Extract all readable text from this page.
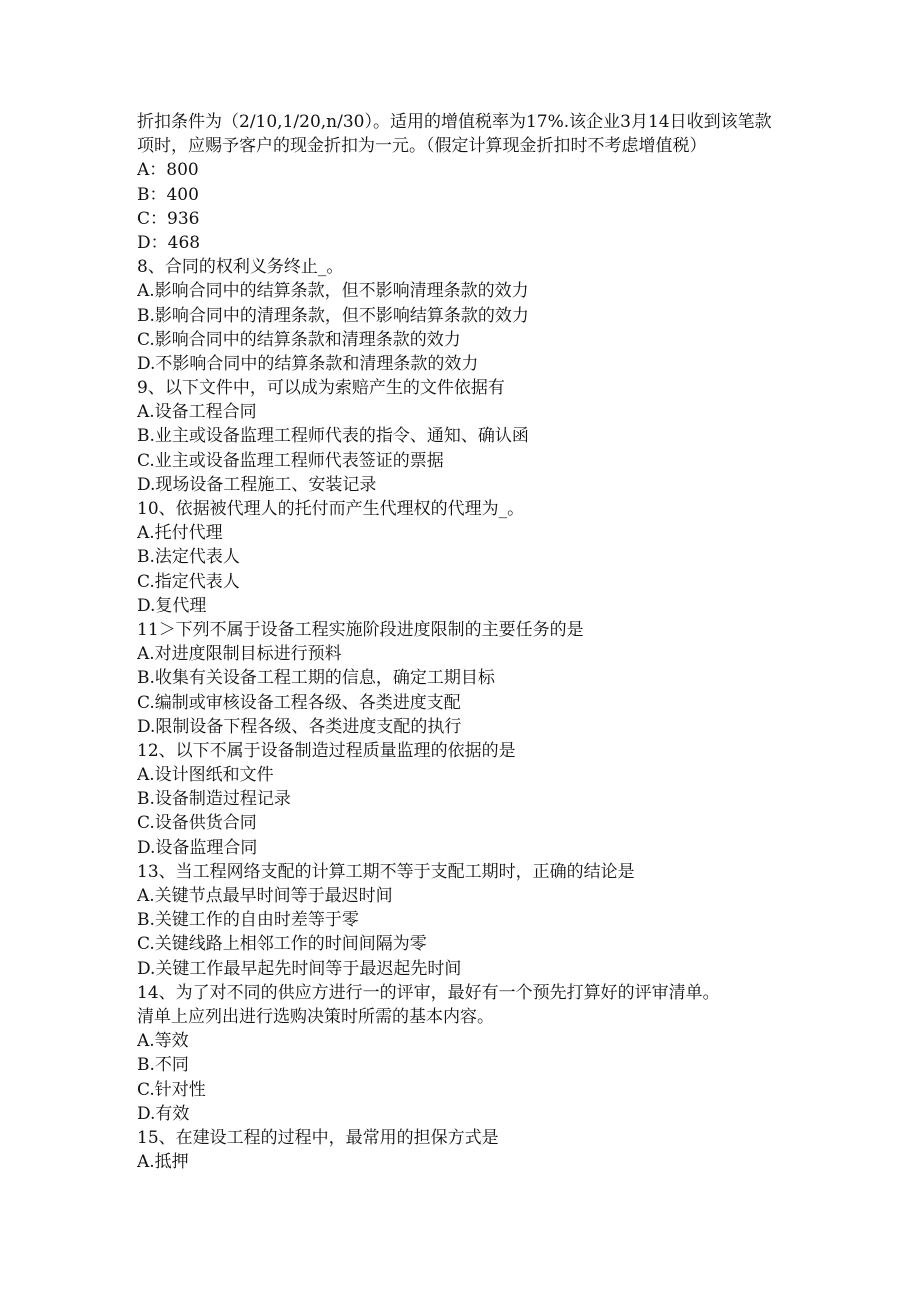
折扣条件为（2/10,1/20,n/30）。适用的增值税率为17%.该企业3月14日收到该笔款
项时，应赐予客户的现金折扣为一元。（假定计算现金折扣时不考虑增值税）
A：800
B：400
C：936
D：468
8、合同的权利义务终止_。
A.影响合同中的结算条款，但不影响清理条款的效力
B.影响合同中的清理条款，但不影响结算条款的效力
C.影响合同中的结算条款和清理条款的效力
D.不影响合同中的结算条款和清理条款的效力
9、以下文件中，可以成为索赔产生的文件依据有
A.设备工程合同
B.业主或设备监理工程师代表的指令、通知、确认函
C.业主或设备监理工程师代表签证的票据
D.现场设备工程施工、安装记录
10、依据被代理人的托付而产生代理权的代理为_。
A.托付代理
B.法定代表人
C.指定代表人
D.复代理
11＞下列不属于设备工程实施阶段进度限制的主要任务的是
A.对进度限制目标进行预料
B.收集有关设备工程工期的信息，确定工期目标
C.编制或审核设备工程各级、各类进度支配
D.限制设备下程各级、各类进度支配的执行
12、以下不属于设备制造过程质量监理的依据的是
A.设计图纸和文件
B.设备制造过程记录
C.设备供货合同
D.设备监理合同
13、当工程网络支配的计算工期不等于支配工期时，正确的结论是
A.关键节点最早时间等于最迟时间
B.关键工作的自由时差等于零
C.关键线路上相邻工作的时间间隔为零
D.关键工作最早起先时间等于最迟起先时间
14、为了对不同的供应方进行一的评审，最好有一个预先打算好的评审清单。
清单上应列出进行选购决策时所需的基本内容。
A.等效
B.不同
C.针对性
D.有效
15、在建设工程的过程中，最常用的担保方式是
A.抵押
